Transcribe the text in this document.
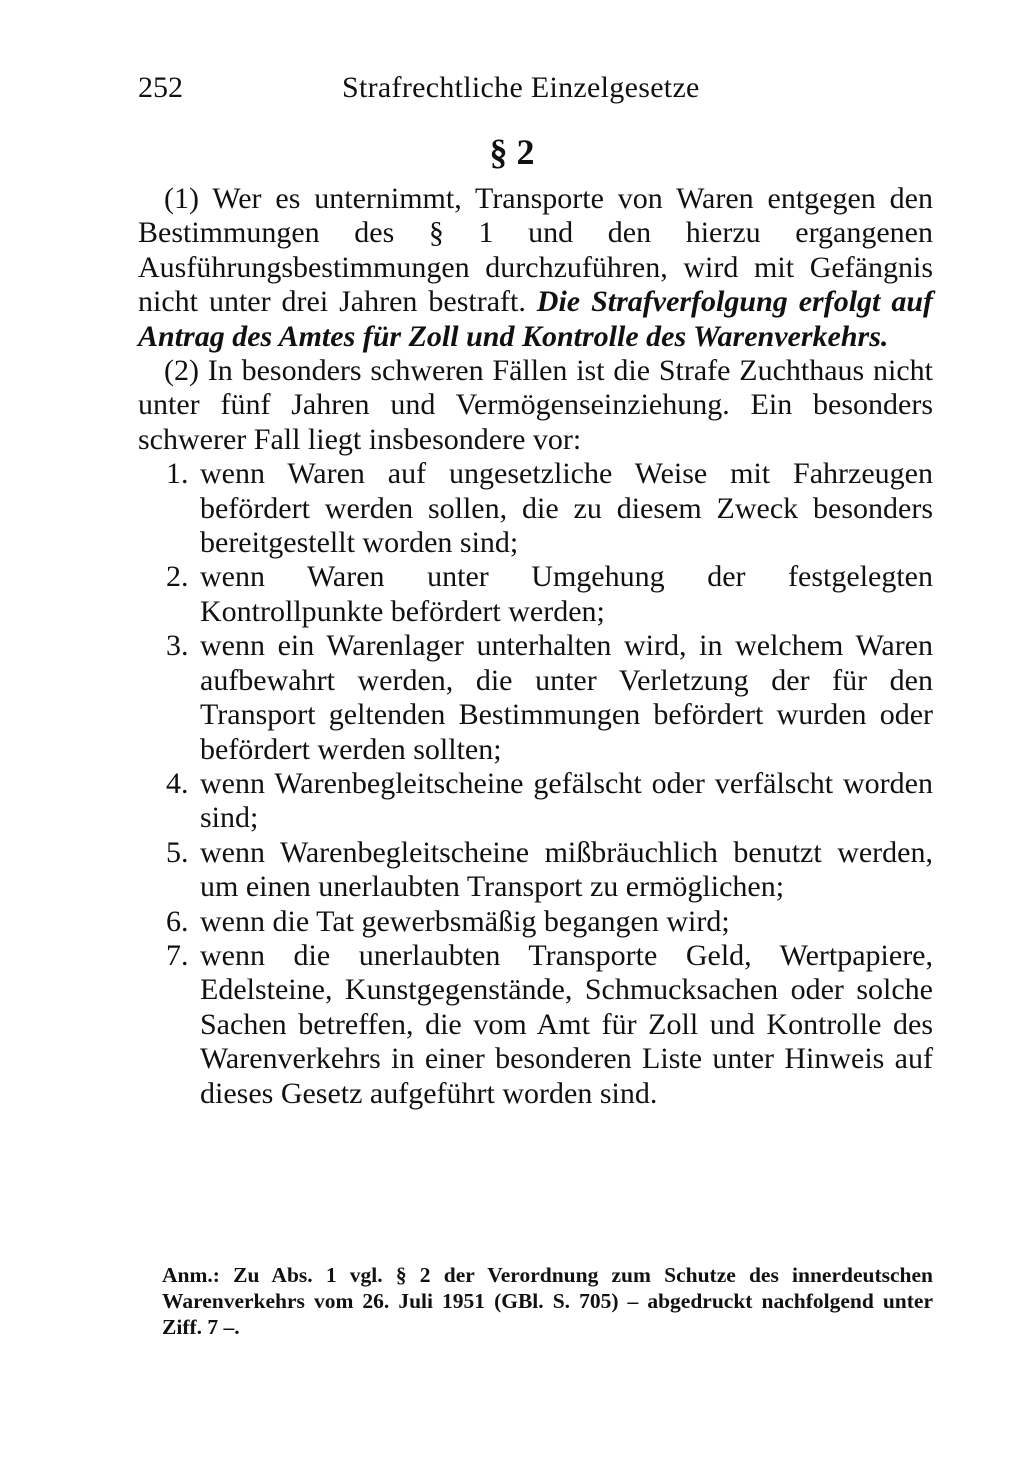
252	Strafrechtliche Einzelgesetze
§ 2

(1) Wer es unternimmt, Transporte von Waren entgegen den Bestimmungen des § 1 und den hierzu ergangenen Ausführungsbestimmungen durchzuführen, wird mit Gefängnis nicht unter drei Jahren bestraft. Die Strafverfolgung erfolgt auf Antrag des Amtes für Zoll und Kontrolle des Warenverkehrs.

(2) In besonders schweren Fällen ist die Strafe Zuchthaus nicht unter fünf Jahren und Vermögenseinziehung. Ein besonders schwerer Fall liegt insbesondere vor:

1. wenn Waren auf ungesetzliche Weise mit Fahrzeugen befördert werden sollen, die zu diesem Zweck besonders bereitgestellt worden sind;
2. wenn Waren unter Umgehung der festgelegten Kontrollpunkte befördert werden;
3. wenn ein Warenlager unterhalten wird, in welchem Waren aufbewahrt werden, die unter Verletzung der für den Transport geltenden Bestimmungen befördert wurden oder befördert werden sollten;
4. wenn Warenbegleitscheine gefälscht oder verfälscht worden sind;
5. wenn Warenbegleitscheine mißbräuchlich benutzt werden, um einen unerlaubten Transport zu ermöglichen;
6. wenn die Tat gewerbsmäßig begangen wird;
7. wenn die unerlaubten Transporte Geld, Wertpapiere, Edelsteine, Kunstgegenstände, Schmucksachen oder solche Sachen betreffen, die vom Amt für Zoll und Kontrolle des Warenverkehrs in einer besonderen Liste unter Hinweis auf dieses Gesetz aufgeführt worden sind.
Anm.: Zu Abs. 1 vgl. § 2 der Verordnung zum Schutze des innerdeutschen Warenverkehrs vom 26. Juli 1951 (GBl. S. 705) – abgedruckt nachfolgend unter Ziff. 7 –.
